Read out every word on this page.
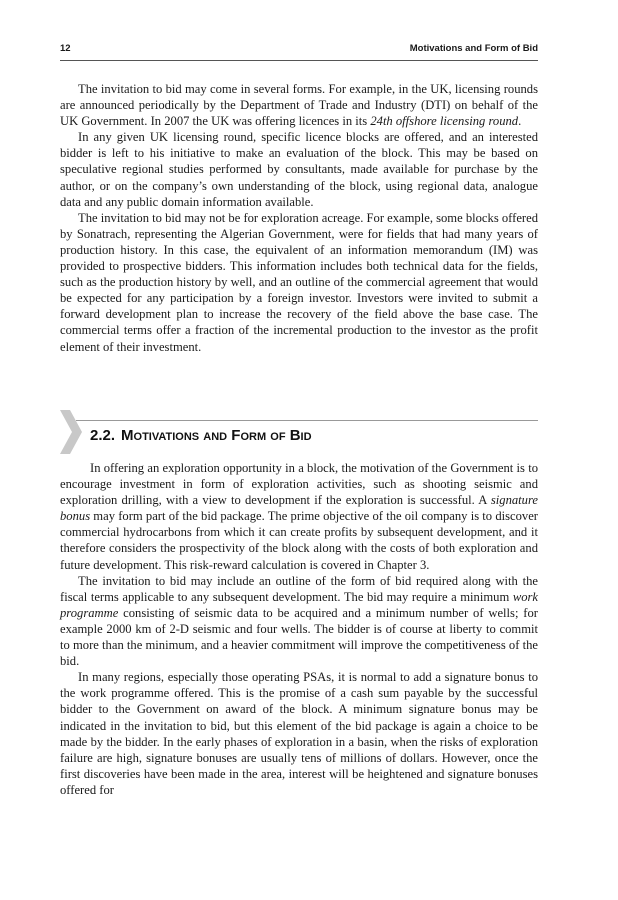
12	Motivations and Form of Bid

The invitation to bid may come in several forms. For example, in the UK, licensing rounds are announced periodically by the Department of Trade and Industry (DTI) on behalf of the UK Government. In 2007 the UK was offering licences in its 24th offshore licensing round.

In any given UK licensing round, specific licence blocks are offered, and an interested bidder is left to his initiative to make an evaluation of the block. This may be based on speculative regional studies performed by consultants, made available for purchase by the author, or on the company’s own understanding of the block, using regional data, analogue data and any public domain information available.

The invitation to bid may not be for exploration acreage. For example, some blocks offered by Sonatrach, representing the Algerian Government, were for fields that had many years of production history. In this case, the equivalent of an information memorandum (IM) was provided to prospective bidders. This information includes both technical data for the fields, such as the production history by well, and an outline of the commercial agreement that would be expected for any participation by a foreign investor. Investors were invited to submit a forward development plan to increase the recovery of the field above the base case. The commercial terms offer a fraction of the incremental production to the investor as the profit element of their investment.

2.2. Motivations and Form of Bid

In offering an exploration opportunity in a block, the motivation of the Government is to encourage investment in form of exploration activities, such as shooting seismic and exploration drilling, with a view to development if the exploration is successful. A signature bonus may form part of the bid package. The prime objective of the oil company is to discover commercial hydrocarbons from which it can create profits by subsequent development, and it therefore considers the prospectivity of the block along with the costs of both exploration and future development. This risk-reward calculation is covered in Chapter 3.

The invitation to bid may include an outline of the form of bid required along with the fiscal terms applicable to any subsequent development. The bid may require a minimum work programme consisting of seismic data to be acquired and a minimum number of wells; for example 2000 km of 2-D seismic and four wells. The bidder is of course at liberty to commit to more than the minimum, and a heavier commitment will improve the competitiveness of the bid.

In many regions, especially those operating PSAs, it is normal to add a signature bonus to the work programme offered. This is the promise of a cash sum payable by the successful bidder to the Government on award of the block. A minimum signature bonus may be indicated in the invitation to bid, but this element of the bid package is again a choice to be made by the bidder. In the early phases of exploration in a basin, when the risks of exploration failure are high, signature bonuses are usually tens of millions of dollars. However, once the first discoveries have been made in the area, interest will be heightened and signature bonuses offered for
